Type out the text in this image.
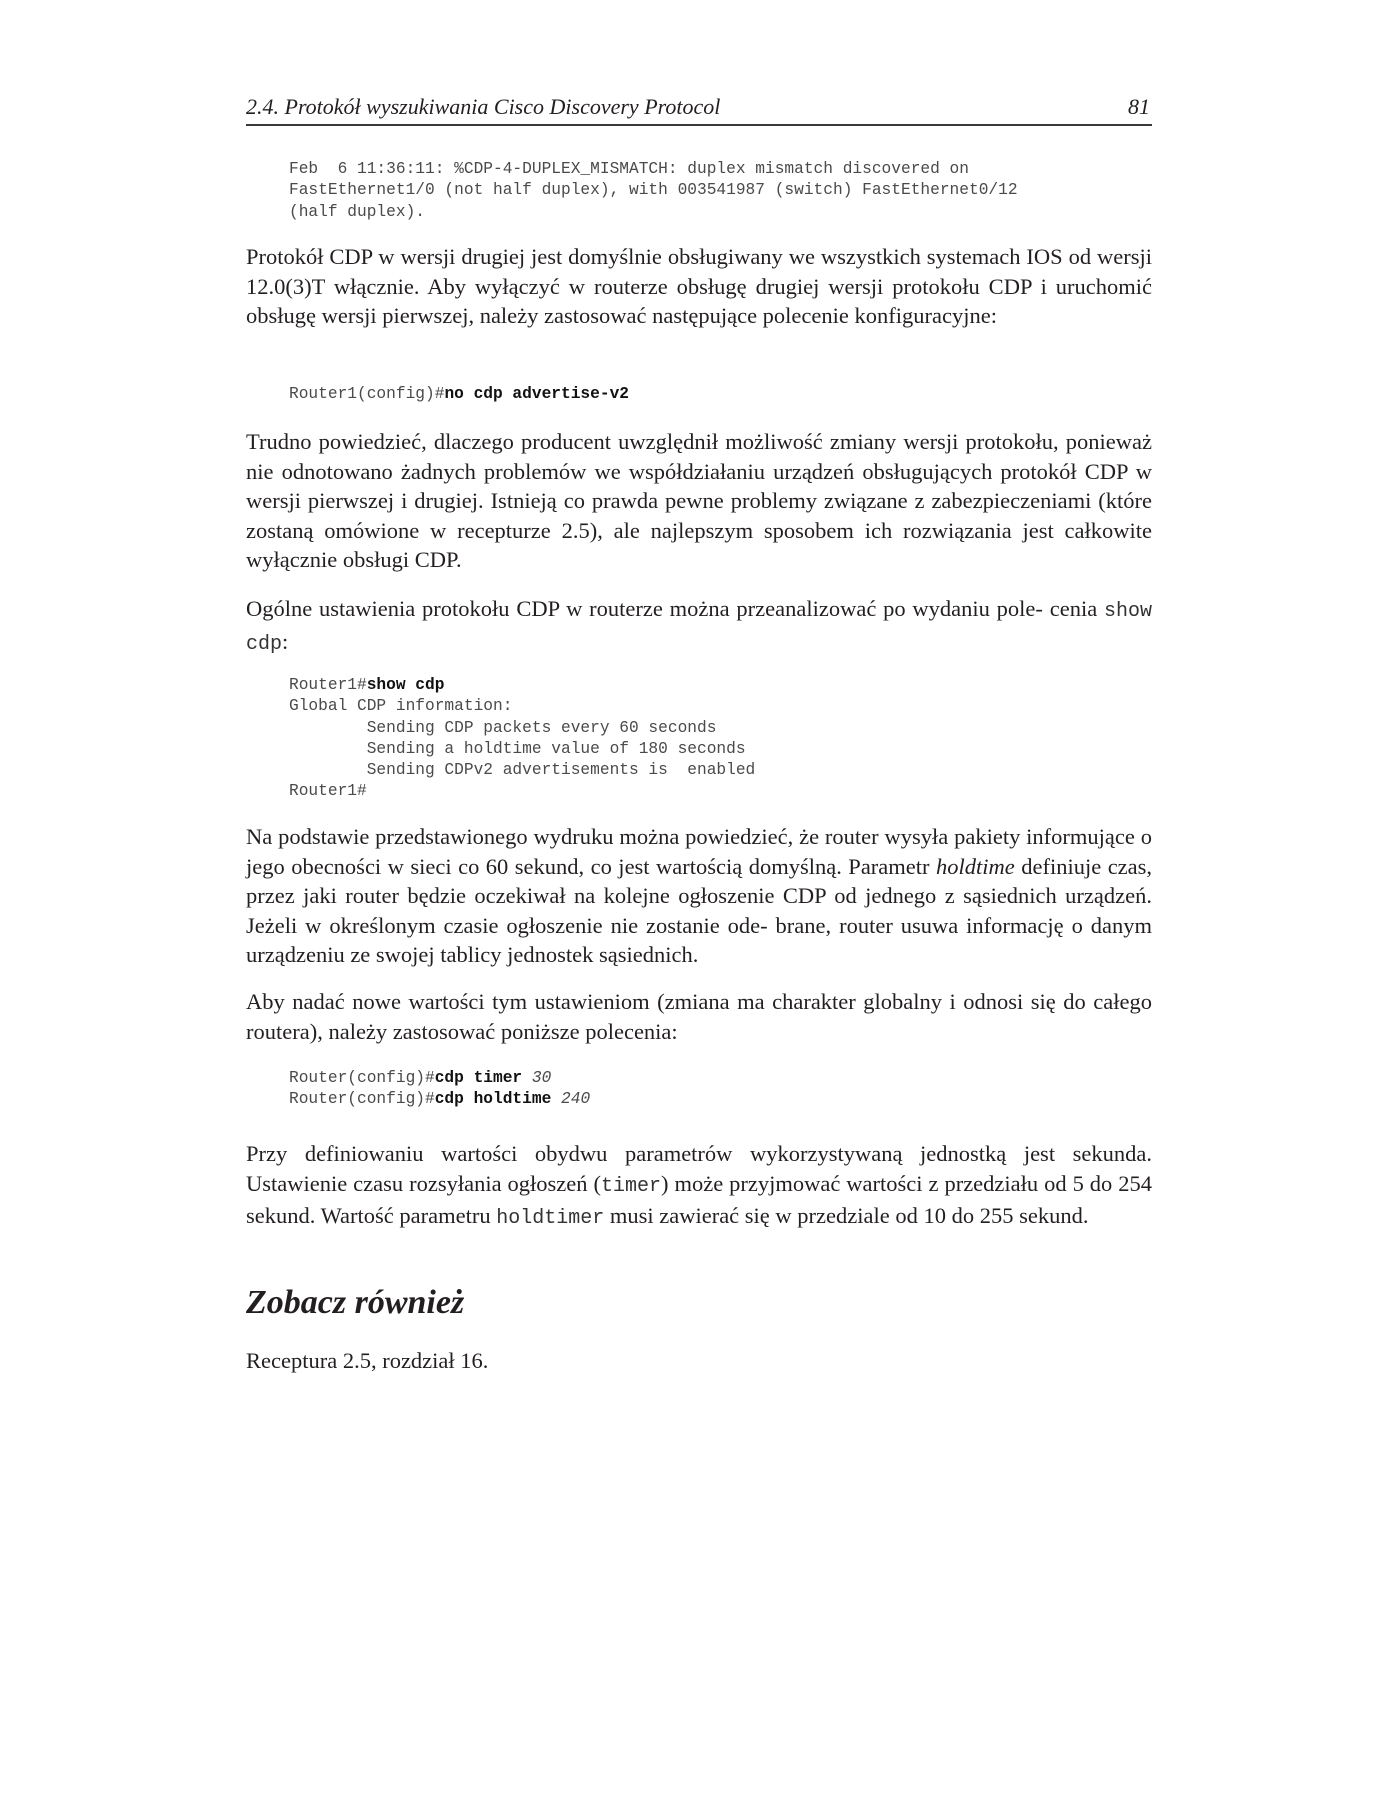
2.4. Protokół wyszukiwania Cisco Discovery Protocol	81
Feb  6 11:36:11: %CDP-4-DUPLEX_MISMATCH: duplex mismatch discovered on
FastEthernet1/0 (not half duplex), with 003541987 (switch) FastEthernet0/12
(half duplex).

Protokół CDP w wersji drugiej jest domyślnie obsługiwany we wszystkich systemach IOS od wersji 12.0(3)T włącznie. Aby wyłączyć w routerze obsługę drugiej wersji protokołu CDP i uruchomić obsługę wersji pierwszej, należy zastosować następujące polecenie konfiguracyjne:

Router1(config)#no cdp advertise-v2

Trudno powiedzieć, dlaczego producent uwzględnił możliwość zmiany wersji protokołu, ponieważ nie odnotowano żadnych problemów we współdziałaniu urządzeń obsługujących protokół CDP w wersji pierwszej i drugiej. Istnieją co prawda pewne problemy związane z zabezpieczeniami (które zostaną omówione w recepturze 2.5), ale najlepszym sposobem ich rozwiązania jest całkowite wyłącznie obsługi CDP.

Ogólne ustawienia protokołu CDP w routerze można przeanalizować po wydaniu pole- cenia show cdp:

Router1#show cdp
Global CDP information:
Sending CDP packets every 60 seconds
Sending a holdtime value of 180 seconds
Sending CDPv2 advertisements is  enabled
Router1#

Na podstawie przedstawionego wydruku można powiedzieć, że router wysyła pakiety informujące o jego obecności w sieci co 60 sekund, co jest wartością domyślną. Parametr holdtime definiuje czas, przez jaki router będzie oczekiwał na kolejne ogłoszenie CDP od jednego z sąsiednich urządzeń. Jeżeli w określonym czasie ogłoszenie nie zostanie ode- brane, router usuwa informację o danym urządzeniu ze swojej tablicy jednostek sąsiednich.

Aby nadać nowe wartości tym ustawieniom (zmiana ma charakter globalny i odnosi się do całego routera), należy zastosować poniższe polecenia:

Router(config)#cdp timer 30
Router(config)#cdp holdtime 240

Przy definiowaniu wartości obydwu parametrów wykorzystywaną jednostką jest sekunda. Ustawienie czasu rozsyłania ogłoszeń (timer) może przyjmować wartości z przedziału od 5 do 254 sekund. Wartość parametru holdtimer musi zawierać się w przedziale od 10 do 255 sekund.

Zobacz również

Receptura 2.5, rozdział 16.
